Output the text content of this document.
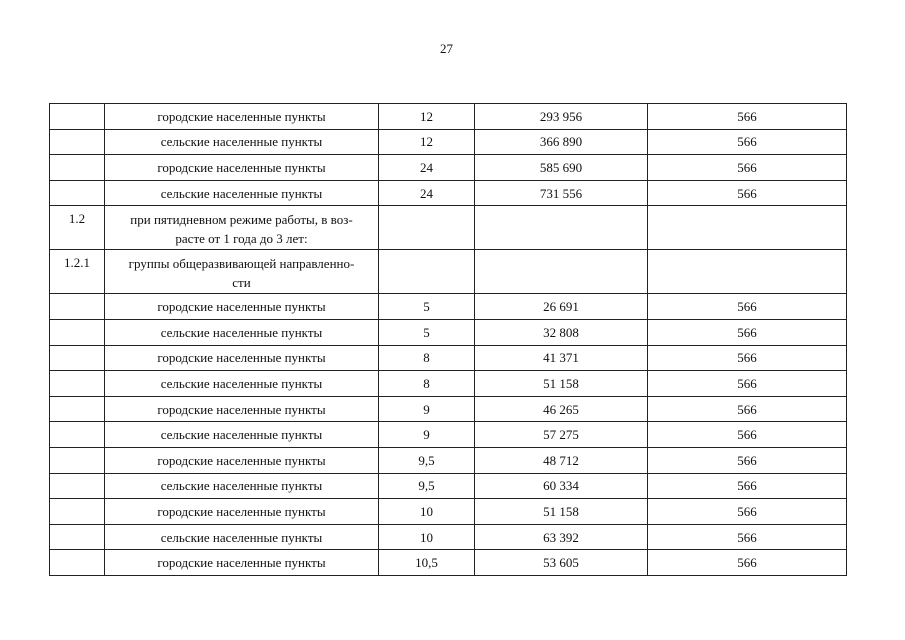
27
	городские населенные пункты	12	293 956	566
	сельские населенные пункты	12	366 890	566
	городские населенные пункты	24	585 690	566
	сельские населенные пункты	24	731 556	566
1.2	при пятидневном режиме работы, в воз-
расте от 1 года до 3 лет:			
1.2.1	группы общеразвивающей направленно-
сти			
	городские населенные пункты	5	26 691	566
	сельские населенные пункты	5	32 808	566
	городские населенные пункты	8	41 371	566
	сельские населенные пункты	8	51 158	566
	городские населенные пункты	9	46 265	566
	сельские населенные пункты	9	57 275	566
	городские населенные пункты	9,5	48 712	566
	сельские населенные пункты	9,5	60 334	566
	городские населенные пункты	10	51 158	566
	сельские населенные пункты	10	63 392	566
	городские населенные пункты	10,5	53 605	566
